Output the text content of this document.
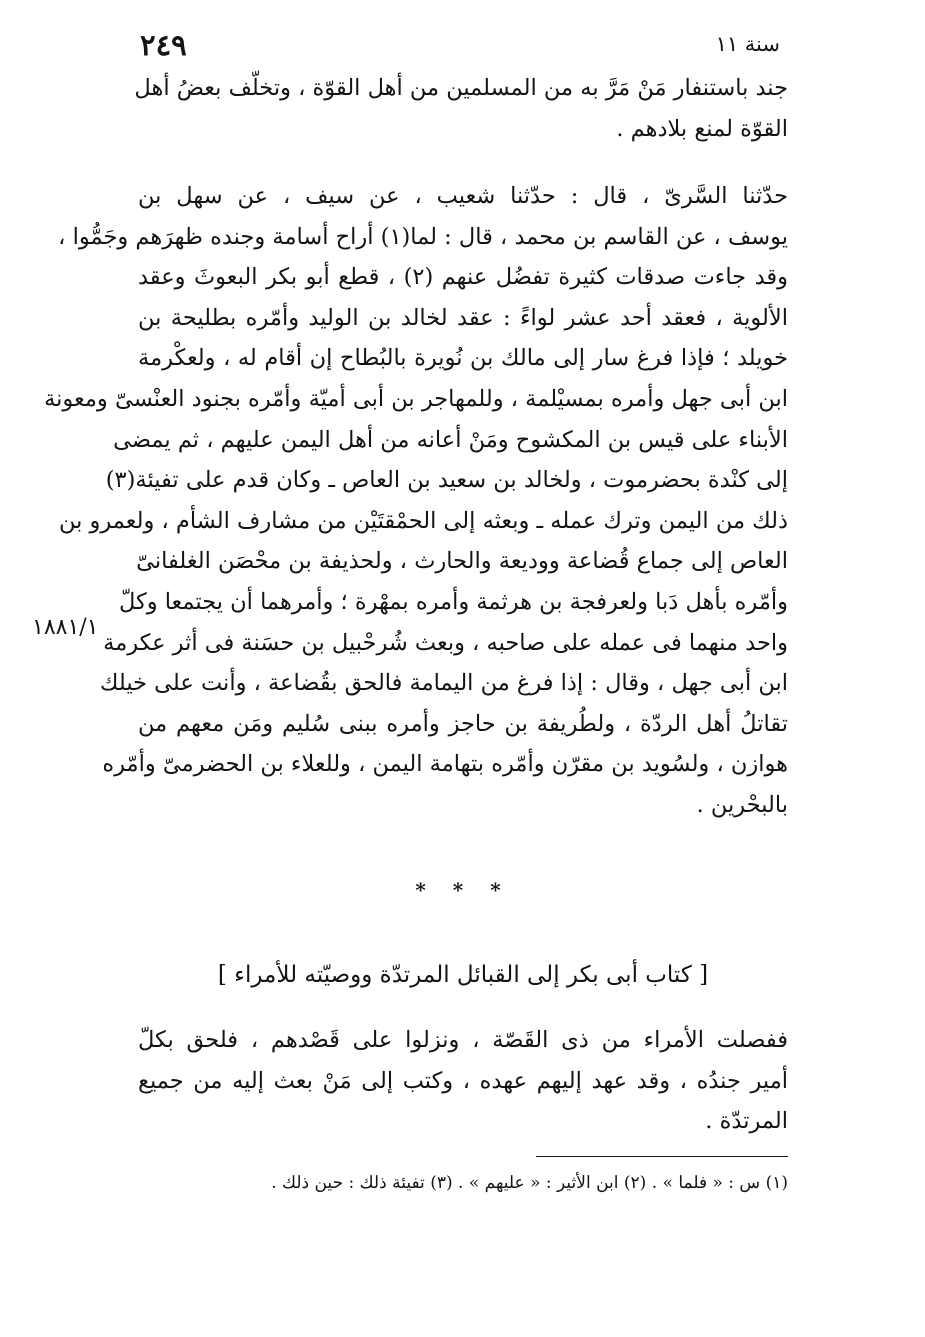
٢٤٩	سنة ١١
جند باستنفار مَنْ مَرَّ به من المسلمين من أهل القوّة ، وتخلّف بعضُ أهل
القوّة لمنع بلادهم .
حدّثنا السَّرىّ ، قال : حدّثنا شعيب ، عن سيف ، عن سهل بن
يوسف ، عن القاسم بن محمد ، قال : لما(١) أراح أسامة وجنده ظهرَهم وجَمُّوا ،
وقد جاءت صدقات كثيرة تفضُل عنهم (٢) ، قطع أبو بكر البعوثَ وعقد
الألوية ، فعقد أحد عشر لواءً : عقد لخالد بن الوليد وأمّره بطليحة بن
خويلد ؛ فإذا فرغ سار إلى مالك بن نُويرة بالبُطاح إن أقام له ، ولعكْرمة
ابن أبى جهل وأمره بمسيْلمة ، وللمهاجر بن أبى أميّة وأمّره بجنود العنْسىّ ومعونة
الأبناء على قيس بن المكشوح ومَنْ أعانه من أهل اليمن عليهم ، ثم يمضى
إلى كنْدة بحضرموت ، ولخالد بن سعيد بن العاص ـ وكان قدم على تفيئة(٣)
ذلك من اليمن وترك عمله ـ وبعثه إلى الحمْقتَيْن من مشارف الشأم ، ولعمرو بن
العاص إلى جماع قُضاعة ووديعة والحارث ، ولحذيفة بن محْصَن الغلفانىّ
وأمّره بأهل دَبا ولعرفجة بن هرثمة وأمره بمهْرة ؛ وأمرهما أن يجتمعا وكلّ
واحد منهما فى عمله على صاحبه ، وبعث شُرحْبيل بن حسَنة فى أثر عكرمة
ابن أبى جهل ، وقال : إذا فرغ من اليمامة فالحق بقُضاعة ، وأنت على خيلك
تقاتلُ أهل الردّة ، ولطُريفة بن حاجز وأمره ببنى سُليم ومَن معهم من
هوازن ، ولسُويد بن مقرّن وأمّره بتهامة اليمن ، وللعلاء بن الحضرمىّ وأمّره
بالبحْرين .
١٨٨١/١
* * *
[ كتاب أبى بكر إلى القبائل المرتدّة ووصيّته للأمراء ]
ففصلت الأمراء من ذى القَصّة ، ونزلوا على قَصْدهم ، فلحق بكلّ
أمير جندُه ، وقد عهد إليهم عهده ، وكتب إلى مَنْ بعث إليه من جميع
المرتدّة .
(١) س : « فلما » . (٢) ابن الأثير : « عليهم » . (٣) تفيئة ذلك : حين ذلك .
